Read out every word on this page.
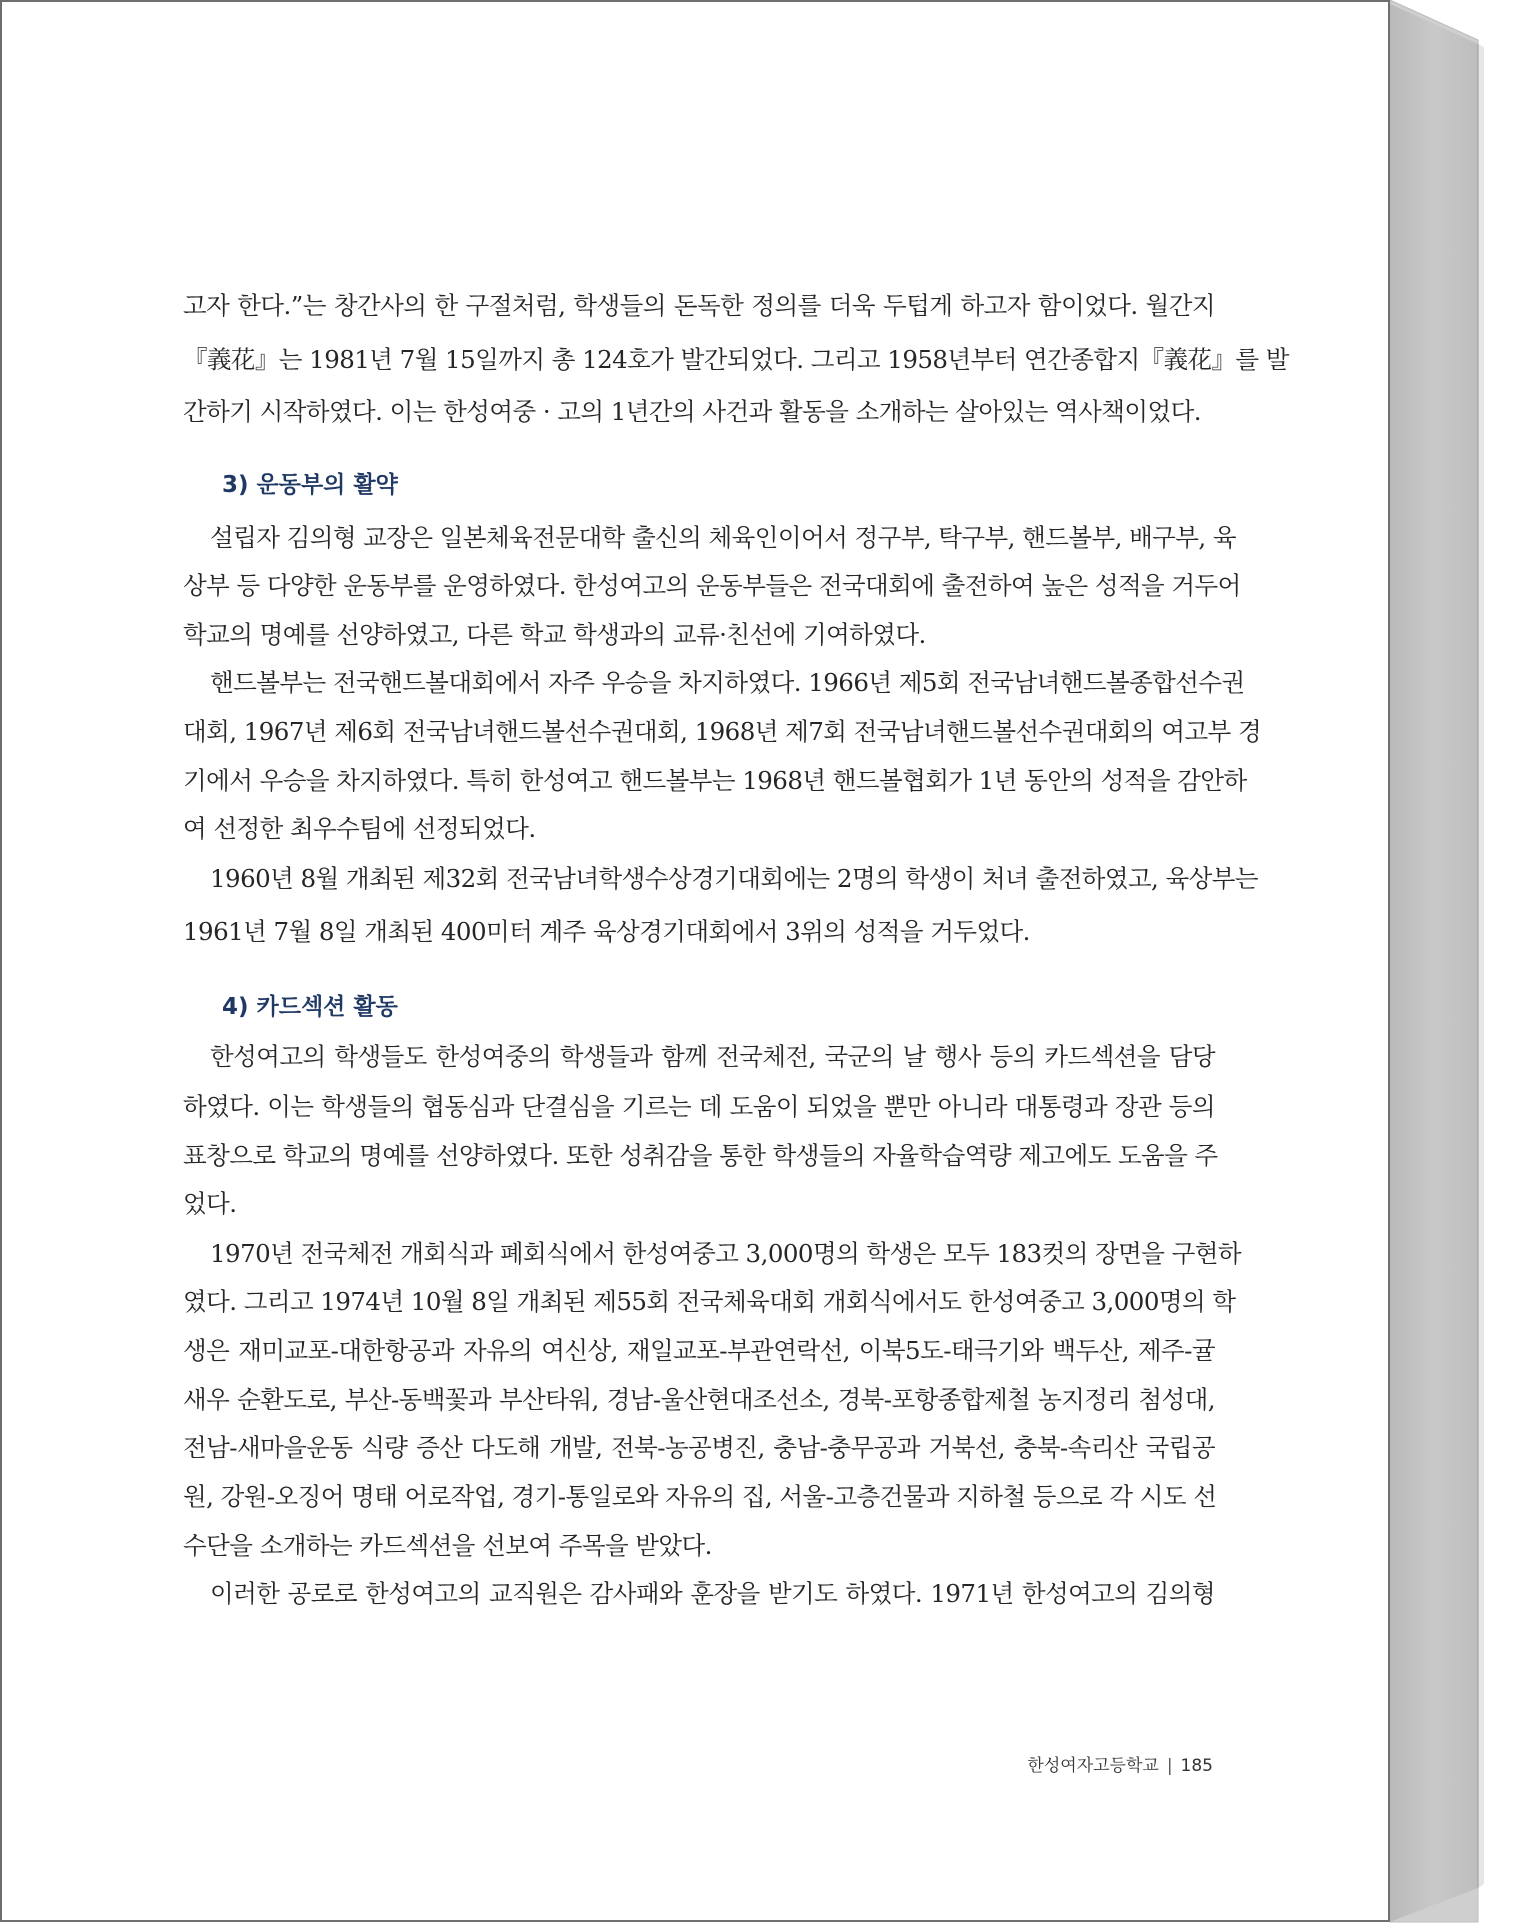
고자 한다.”는 창간사의 한 구절처럼, 학생들의 돈독한 정의를 더욱 두텁게 하고자 함이었다. 월간지
『義花』는 1981년 7월 15일까지 총 124호가 발간되었다. 그리고 1958년부터 연간종합지『義花』를 발
간하기 시작하였다. 이는 한성여중 · 고의 1년간의 사건과 활동을 소개하는 살아있는 역사책이었다.
3) 운동부의 활약
설립자 김의형 교장은 일본체육전문대학 출신의 체육인이어서 정구부, 탁구부, 핸드볼부, 배구부, 육
상부 등 다양한 운동부를 운영하였다. 한성여고의 운동부들은 전국대회에 출전하여 높은 성적을 거두어
학교의 명예를 선양하였고, 다른 학교 학생과의 교류·친선에 기여하였다.
핸드볼부는 전국핸드볼대회에서 자주 우승을 차지하였다. 1966년 제5회 전국남녀핸드볼종합선수권
대회, 1967년 제6회 전국남녀핸드볼선수권대회, 1968년 제7회 전국남녀핸드볼선수권대회의 여고부 경
기에서 우승을 차지하였다. 특히 한성여고 핸드볼부는 1968년 핸드볼협회가 1년 동안의 성적을 감안하
여 선정한 최우수팀에 선정되었다.
1960년 8월 개최된 제32회 전국남녀학생수상경기대회에는 2명의 학생이 처녀 출전하였고, 육상부는
1961년 7월 8일 개최된 400미터 계주 육상경기대회에서 3위의 성적을 거두었다.
4) 카드섹션 활동
한성여고의 학생들도 한성여중의 학생들과 함께 전국체전, 국군의 날 행사 등의 카드섹션을 담당
하였다. 이는 학생들의 협동심과 단결심을 기르는 데 도움이 되었을 뿐만 아니라 대통령과 장관 등의
표창으로 학교의 명예를 선양하였다. 또한 성취감을 통한 학생들의 자율학습역량 제고에도 도움을 주
었다.
1970년 전국체전 개회식과 폐회식에서 한성여중고 3,000명의 학생은 모두 183컷의 장면을 구현하
였다. 그리고 1974년 10월 8일 개최된 제55회 전국체육대회 개회식에서도 한성여중고 3,000명의 학
생은 재미교포-대한항공과 자유의 여신상, 재일교포-부관연락선, 이북5도-태극기와 백두산, 제주-귤
새우 순환도로, 부산-동백꽃과 부산타워, 경남-울산현대조선소, 경북-포항종합제철 농지정리 첨성대,
전남-새마을운동 식량 증산 다도해 개발, 전북-농공병진, 충남-충무공과 거북선, 충북-속리산 국립공
원, 강원-오징어 명태 어로작업, 경기-통일로와 자유의 집, 서울-고층건물과 지하철 등으로 각 시도 선
수단을 소개하는 카드섹션을 선보여 주목을 받았다.
이러한 공로로 한성여고의 교직원은 감사패와 훈장을 받기도 하였다. 1971년 한성여고의 김의형
한성여자고등학교 | 185
